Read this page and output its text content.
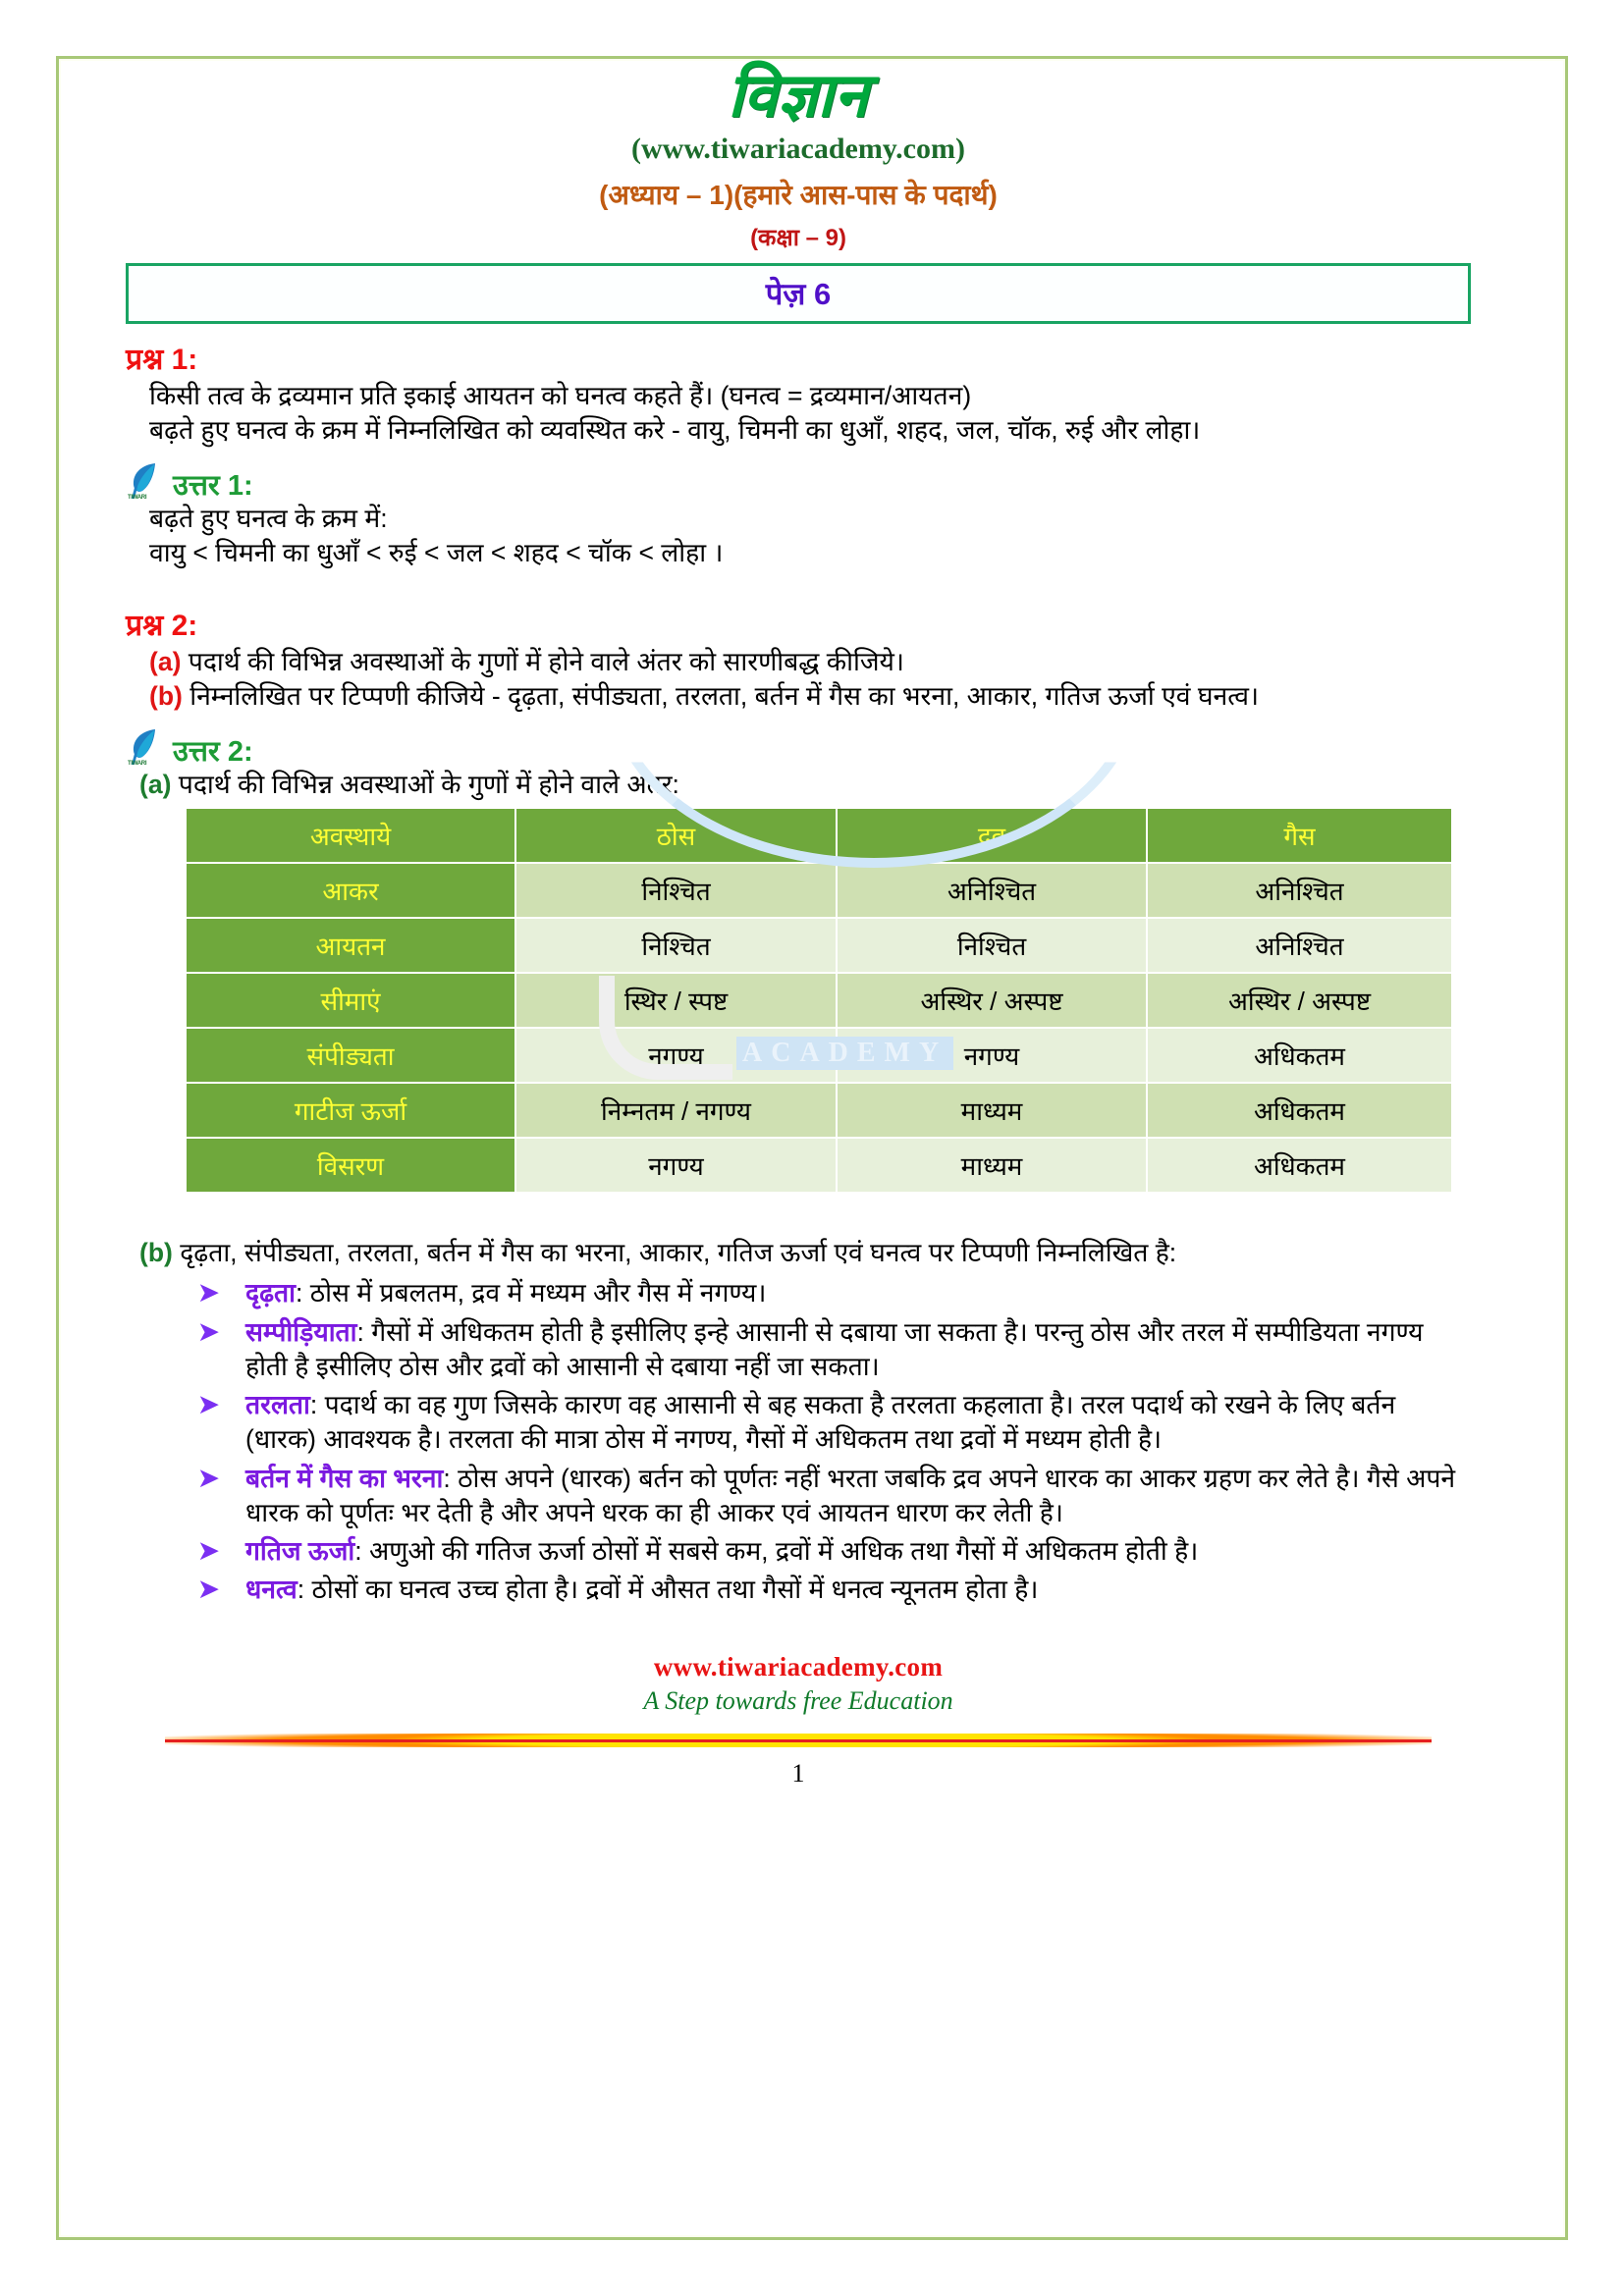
विज्ञान
(www.tiwariacademy.com)
(अध्याय – 1)(हमारे आस-पास के पदार्थ)
(कक्षा – 9)
पेज़ 6
प्रश्न 1:
किसी तत्व के द्रव्यमान प्रति इकाई आयतन को घनत्व कहते हैं। (घनत्व = द्रव्यमान/आयतन)
बढ़ते हुए घनत्व के क्रम में निम्नलिखित को व्यवस्थित करे - वायु, चिमनी का धुआँ, शहद, जल, चॉक, रुई और लोहा।
TIWARI उत्तर 1:
बढ़ते हुए घनत्व के क्रम में:
वायु < चिमनी का धुआँ < रुई < जल < शहद < चॉक < लोहा ।
प्रश्न 2:
(a) पदार्थ की विभिन्न अवस्थाओं के गुणों में होने वाले अंतर को सारणीबद्ध कीजिये।
(b) निम्नलिखित पर टिप्पणी कीजिये - दृढ़ता, संपीड्यता, तरलता, बर्तन में गैस का भरना, आकार, गतिज ऊर्जा एवं घनत्व।
TIWARI उत्तर 2:
(a) पदार्थ की विभिन्न अवस्थाओं के गुणों में होने वाले अंतर:
ACADEMY
अवस्थाये	ठोस	द्रव	गैस
आकर	निश्चित	अनिश्चित	अनिश्चित
आयतन	निश्चित	निश्चित	अनिश्चित
सीमाएं	स्थिर / स्पष्ट	अस्थिर / अस्पष्ट	अस्थिर / अस्पष्ट
संपीड्यता	नगण्य	नगण्य	अधिकतम
गाटीज ऊर्जा	निम्नतम / नगण्य	माध्यम	अधिकतम
विसरण	नगण्य	माध्यम	अधिकतम
(b) दृढ़ता, संपीड्यता, तरलता, बर्तन में गैस का भरना, आकार, गतिज ऊर्जा एवं घनत्व पर टिप्पणी निम्नलिखित है:
➤ दृढ़ता: ठोस में प्रबलतम, द्रव में मध्यम और गैस में नगण्य।
➤ सम्पीड़ियाता: गैसों में अधिकतम होती है इसीलिए इन्हे आसानी से दबाया जा सकता है। परन्तु ठोस और तरल में सम्पीडियता नगण्य होती है इसीलिए ठोस और द्रवों को आसानी से दबाया नहीं जा सकता।
➤ तरलता: पदार्थ का वह गुण जिसके कारण वह आसानी से बह सकता है तरलता कहलाता है। तरल पदार्थ को रखने के लिए बर्तन (धारक) आवश्यक है। तरलता की मात्रा ठोस में नगण्य, गैसों में अधिकतम तथा द्रवों में मध्यम होती है।
➤ बर्तन में गैस का भरना: ठोस अपने (धारक) बर्तन को पूर्णतः नहीं भरता जबकि द्रव अपने धारक का आकर ग्रहण कर लेते है। गैसे अपने धारक को पूर्णतः भर देती है और अपने धरक का ही आकर एवं आयतन धारण कर लेती है।
➤ गतिज ऊर्जा: अणुओ की गतिज ऊर्जा ठोसों में सबसे कम, द्रवों में अधिक तथा गैसों में अधिकतम होती है।
➤ धनत्व: ठोसों का घनत्व उच्च होता है। द्रवों में औसत तथा गैसों में धनत्व न्यूनतम होता है।
www.tiwariacademy.com
A Step towards free Education
1
